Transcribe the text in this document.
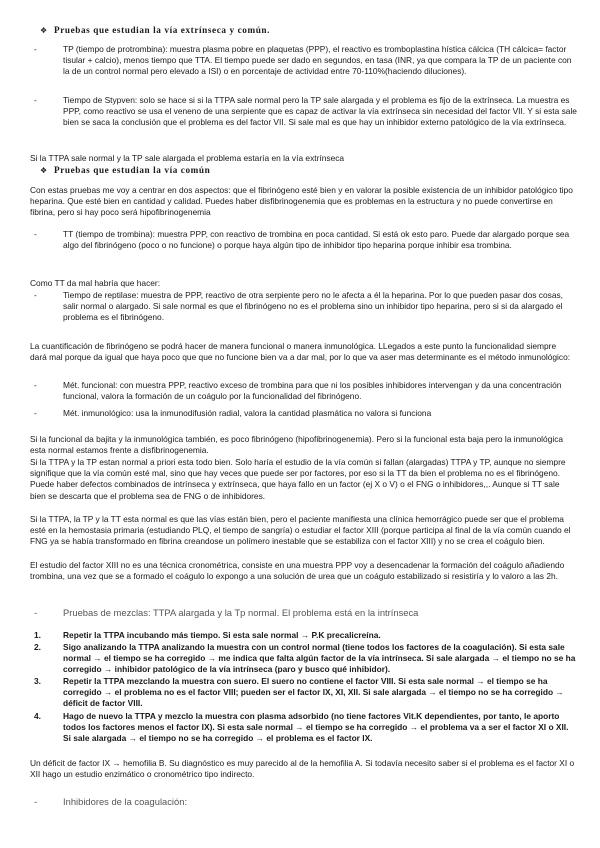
❖ Pruebas que estudian la vía extrínseca y común.

-	TP (tiempo de protrombina): muestra plasma pobre en plaquetas (PPP), el reactivo es tromboplastina hística cálcica (TH cálcica= factor tisular + calcio), menos tiempo que TTA. El tiempo puede ser dado en segundos, en tasa (INR, ya que compara la TP de un paciente con la de un control normal pero elevado a ISI) o en porcentaje de actividad entre 70-110%(haciendo diluciones).
-	Tiempo de Stypven: solo se hace si si la TTPA sale normal pero la TP sale alargada y el problema es fijo de la extrínseca. La muestra es PPP, como reactivo se usa el veneno de una serpiente que es capaz de activar la vía extrínseca sin necesidad del factor VII. Y si esta sale bien se saca la conclusión que el problema es del factor VII. Si sale mal es que hay un inhibidor externo patológico de la vía extrínseca.

Si la TTPA sale normal y la TP sale alargada el problema estaría en la vía extrínseca

❖ Pruebas que estudian la vía común

Con estas pruebas me voy a centrar en dos aspectos: que el fibrinógeno esté bien y en valorar la posible existencia de un inhibidor patológico tipo heparina. Que esté bien en cantidad y calidad. Puedes haber disfibrinogenemia que es problemas en la estructura y no puede convertirse en fibrina, pero si hay poco será hipofibrinogenemia

-	TT (tiempo de trombina): muestra PPP, con reactivo de trombina en poca cantidad. Si está ok esto paro. Puede dar alargado porque sea algo del fibrinógeno (poco o no funcione) o porque haya algún tipo de inhibidor tipo heparina porque inhibir esa trombina.

Como TT da mal habría que hacer:

-	Tiempo de reptilase: muestra de PPP, reactivo de otra serpiente pero no le afecta a él la heparina. Por lo que pueden pasar dos cosas, salir normal o alargado. Si sale normal es que el fibrinógeno no es el problema sino un inhibidor tipo heparina, pero si si da alargado el problema es el fibrinógeno.

La cuantificación de fibrinógeno se podrá hacer de manera funcional o manera inmunológica. LLegados a este punto la funcionalidad siempre dará mal porque da igual que haya poco que que no funcione bien va a dar mal, por lo que va aser mas determinante es el método inmunológico:

-	Mét. funcional: con muestra PPP, reactivo exceso de trombina para que ni los posibles inhibidores intervengan y da una concentración funcional, valora la formación de un coágulo por la funcionalidad del fibrinógeno.
-	Mét. inmunológico: usa la inmunodifusión radial, valora la cantidad plasmática no valora si funciona

Si la funcional da bajita y la inmunológica también, es poco fibrinógeno (hipofibrinogenemia). Pero si la funcional esta baja pero la inmunológica esta normal estamos frente a disfibrinogenemia.

Si la TTPA y la TP estan normal a priori esta todo bien. Solo haría el estudio de la vía común si fallan (alargadas) TTPA y TP, aunque no siempre signifique que la vía común esté mal, sino que hay veces que puede ser por factores, por eso si la TT da bien el problema no es el fibrinógeno. Puede haber defectos combinados de intrínseca y extrínseca, que haya fallo en un factor (ej X o V) o el FNG o inhibidores,,. Aunque si TT sale bien se descarta que el problema sea de FNG o de inhibidores.

Si la TTPA, la TP y la TT esta normal es que las vías están bien, pero el paciente manifiesta una clínica hemorrágico puede ser que el problema esté en la hemostasia primaria (estudiando PLQ, el tiempo de sangría) o estudiar el factor XIII (porque participa al final de la vía común cuando el FNG ya se había transformado en fibrina creandose un polímero inestable que se estabiliza con el factor XIII) y no se crea el coágulo bien.

El estudio del factor XIII no es una técnica cronométrica, consiste en una muestra PPP voy a desencadenar la formación del coágulo añadiendo trombina, una vez que se a formado el coágulo lo expongo a una solución de urea que un coágulo estabilizado si resistiría y lo valoro a las 2h.

-	Pruebas de mezclas: TTPA alargada y la Tp normal. El problema está en la intrínseca

1.	Repetir la TTPA incubando más tiempo. Si esta sale normal → P.K precalicreína.
2.	Sigo analizando la TTPA analizando la muestra con un control normal (tiene todos los factores de la coagulación). Si esta sale normal → el tiempo se ha corregido → me indica que falta algún factor de la vía intrínseca. Si sale alargada → el tiempo no se ha corregido → inhibidor patológico de la vía intrínseca (paro y busco qué inhibidor).
3.	Repetir la TTPA mezclando la muestra con suero. El suero no contiene el factor VIII. Si esta sale normal → el tiempo se ha corregido → el problema no es el factor VIII; pueden ser el factor IX, XI, XII. Si sale alargada → el tiempo no se ha corregido → déficit de factor VIII.
4.	Hago de nuevo la TTPA y mezclo la muestra con plasma adsorbido (no tiene factores Vit.K dependientes, por tanto, le aporto todos los factores menos el factor IX). Si esta sale normal → el tiempo se ha corregido → el problema va a ser el factor XI o XII. Si sale alargada → el tiempo no se ha corregido → el problema es el factor IX.

Un déficit de factor IX → hemofilia B. Su diagnóstico es muy parecido al de la hemofilia A. Si todavía necesito saber si el problema es el factor XI o XII hago un estudio enzimático o cronométrico tipo indirecto.

-	Inhibidores de la coagulación:
